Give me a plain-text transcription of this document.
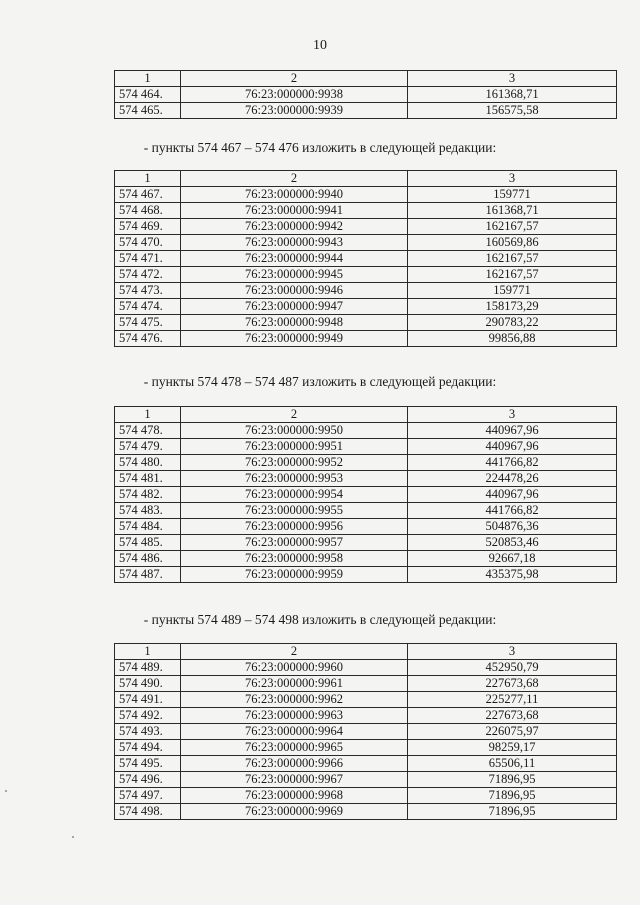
10
1	2	3
574 464.	76:23:000000:9938	161368,71
574 465.	76:23:000000:9939	156575,58
- пункты 574 467 – 574 476 изложить в следующей редакции:
1	2	3
574 467.	76:23:000000:9940	159771
574 468.	76:23:000000:9941	161368,71
574 469.	76:23:000000:9942	162167,57
574 470.	76:23:000000:9943	160569,86
574 471.	76:23:000000:9944	162167,57
574 472.	76:23:000000:9945	162167,57
574 473.	76:23:000000:9946	159771
574 474.	76:23:000000:9947	158173,29
574 475.	76:23:000000:9948	290783,22
574 476.	76:23:000000:9949	99856,88
- пункты 574 478 – 574 487 изложить в следующей редакции:
1	2	3
574 478.	76:23:000000:9950	440967,96
574 479.	76:23:000000:9951	440967,96
574 480.	76:23:000000:9952	441766,82
574 481.	76:23:000000:9953	224478,26
574 482.	76:23:000000:9954	440967,96
574 483.	76:23:000000:9955	441766,82
574 484.	76:23:000000:9956	504876,36
574 485.	76:23:000000:9957	520853,46
574 486.	76:23:000000:9958	92667,18
574 487.	76:23:000000:9959	435375,98
- пункты 574 489 – 574 498 изложить в следующей редакции:
1	2	3
574 489.	76:23:000000:9960	452950,79
574 490.	76:23:000000:9961	227673,68
574 491.	76:23:000000:9962	225277,11
574 492.	76:23:000000:9963	227673,68
574 493.	76:23:000000:9964	226075,97
574 494.	76:23:000000:9965	98259,17
574 495.	76:23:000000:9966	65506,11
574 496.	76:23:000000:9967	71896,95
574 497.	76:23:000000:9968	71896,95
574 498.	76:23:000000:9969	71896,95
